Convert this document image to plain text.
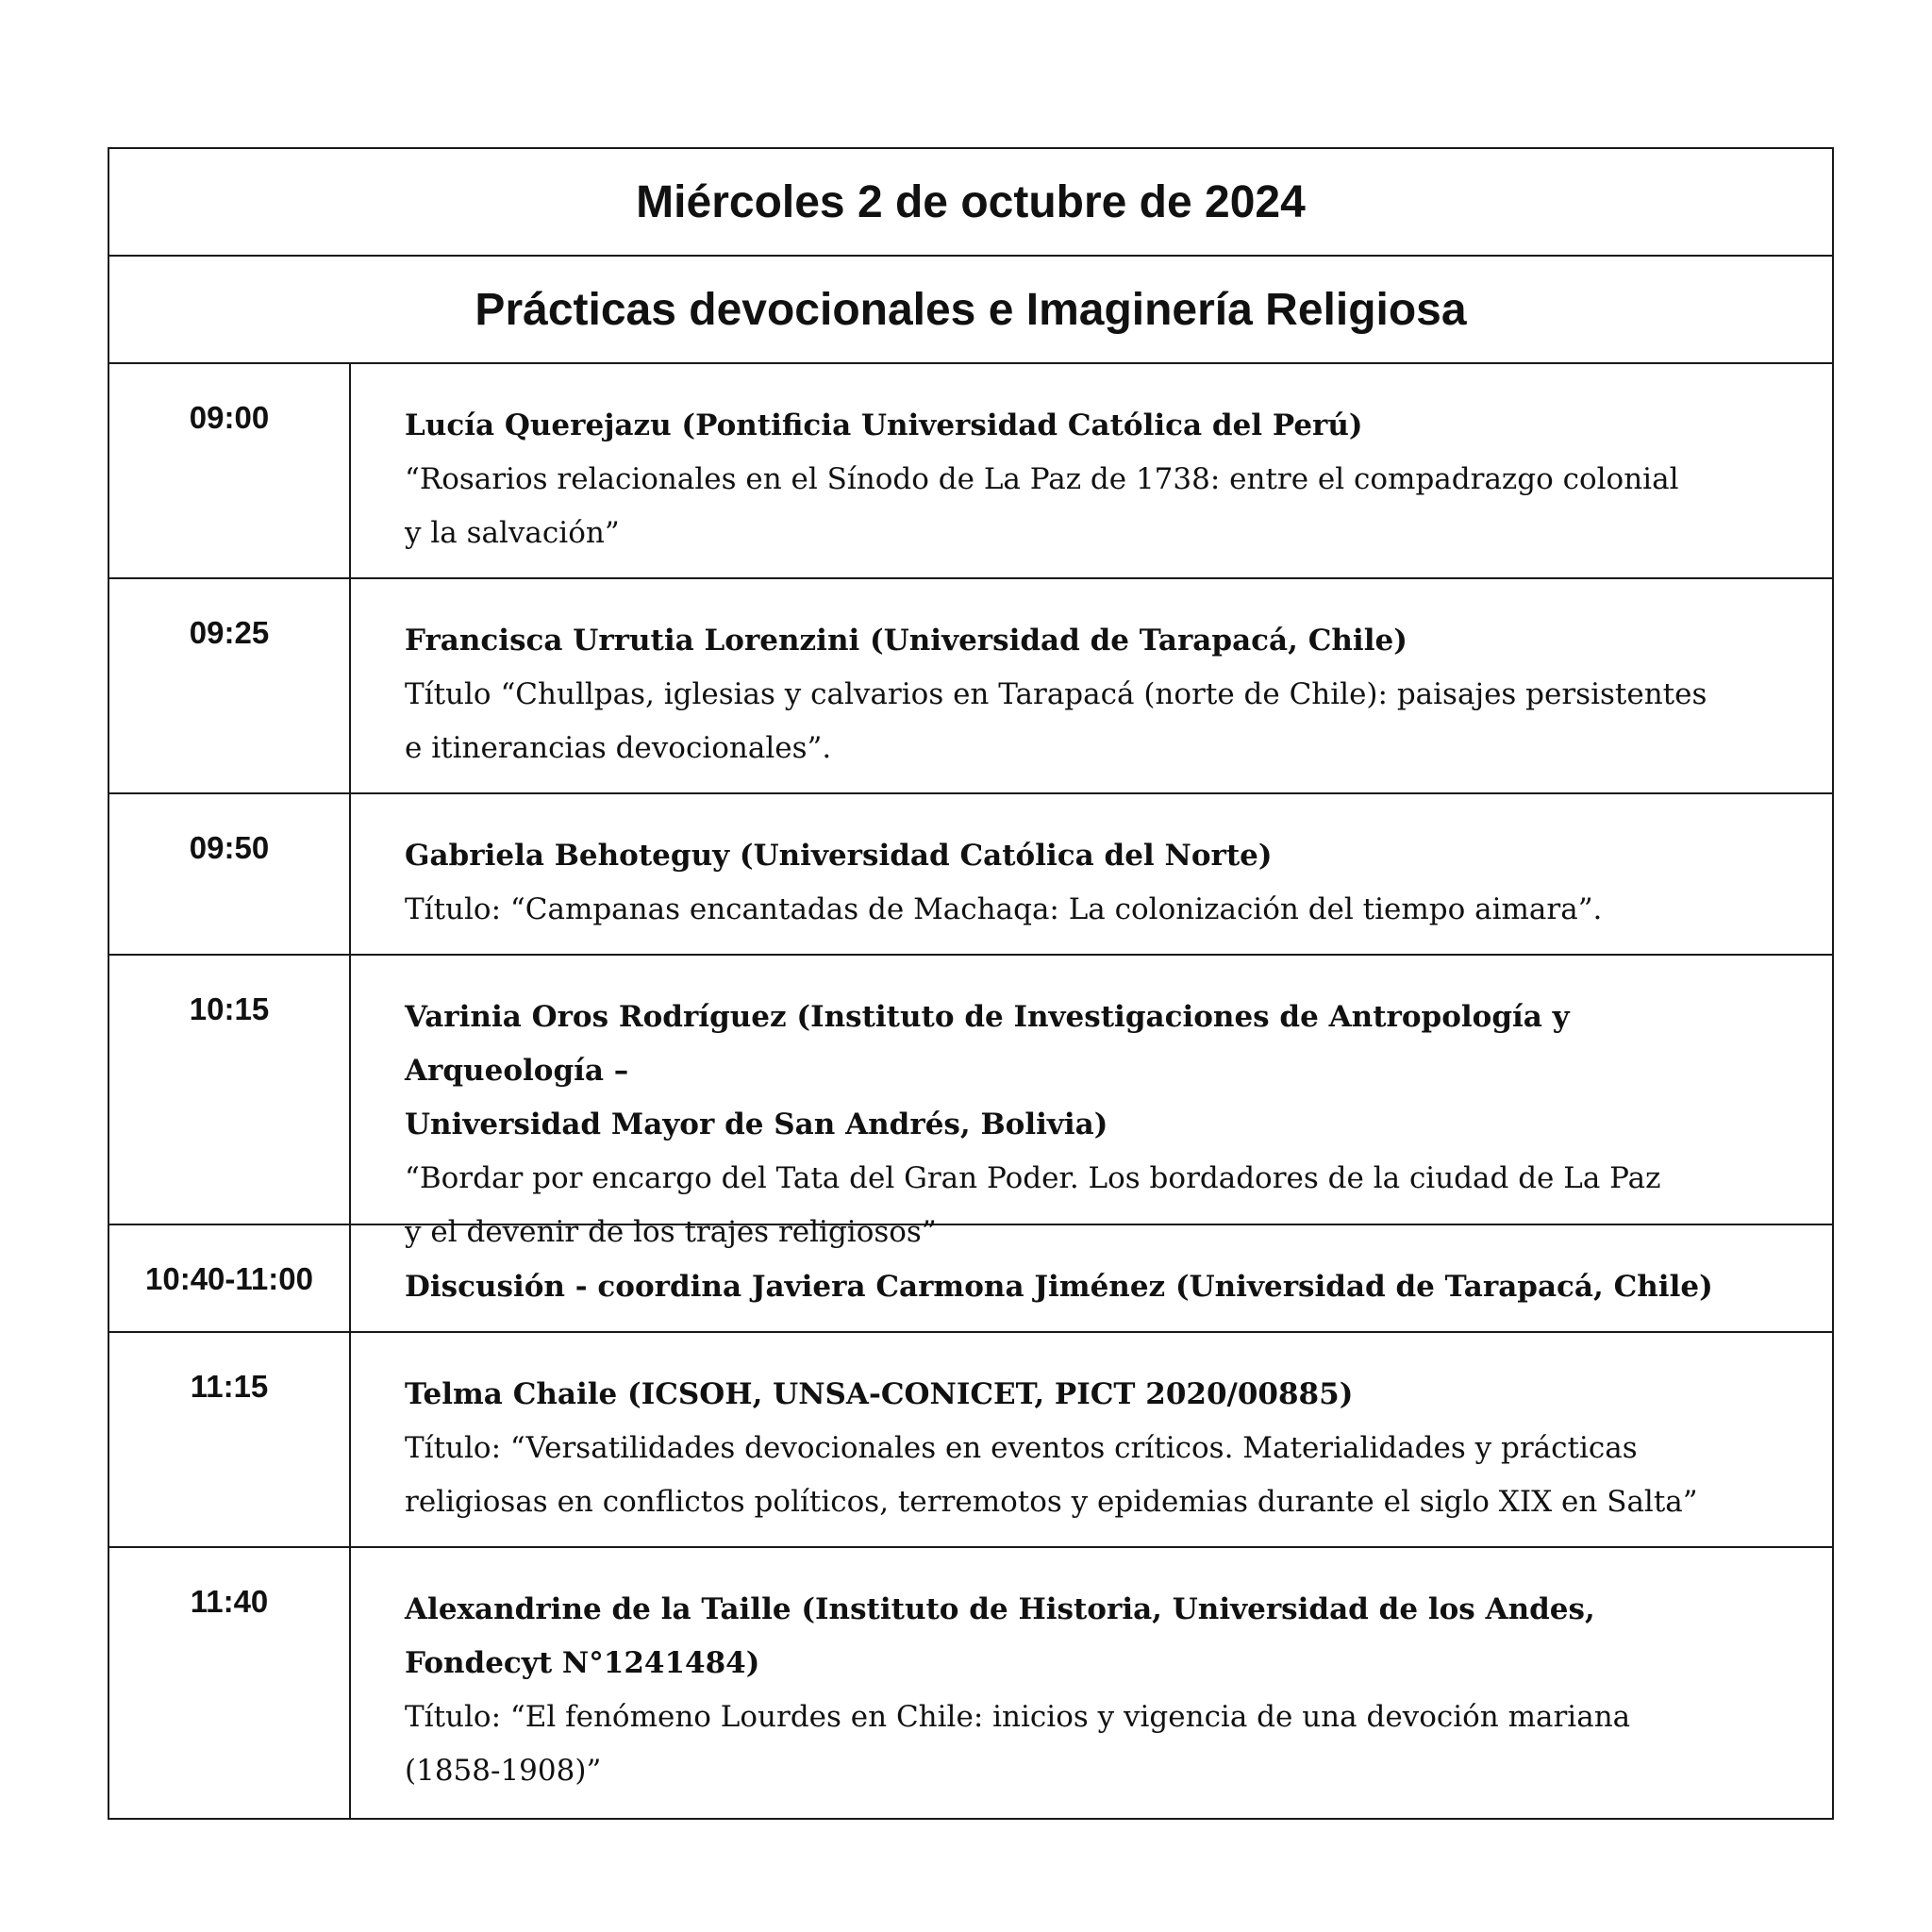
Miércoles 2 de octubre de 2024
Prácticas devocionales e Imaginería Religiosa
09:00	Lucía Querejazu (Pontificia Universidad Católica del Perú)
“Rosarios relacionales en el Sínodo de La Paz de 1738: entre el compadrazgo colonial
y la salvación”
09:25	Francisca Urrutia Lorenzini (Universidad de Tarapacá, Chile)
Título “Chullpas, iglesias y calvarios en Tarapacá (norte de Chile): paisajes persistentes
e itinerancias devocionales”.
09:50	Gabriela Behoteguy (Universidad Católica del Norte)
Título: “Campanas encantadas de Machaqa: La colonización del tiempo aimara”.
10:15	Varinia Oros Rodríguez (Instituto de Investigaciones de Antropología y Arqueología –
Universidad Mayor de San Andrés, Bolivia)
“Bordar por encargo del Tata del Gran Poder. Los bordadores de la ciudad de La Paz
y el devenir de los trajes religiosos”
10:40-11:00	Discusión - coordina Javiera Carmona Jiménez (Universidad de Tarapacá, Chile)
11:15	Telma Chaile (ICSOH, UNSA-CONICET, PICT 2020/00885)
Título: “Versatilidades devocionales en eventos críticos. Materialidades y prácticas
religiosas en conflictos políticos, terremotos y epidemias durante el siglo XIX en Salta”
11:40	Alexandrine de la Taille (Instituto de Historia, Universidad de los Andes,
Fondecyt N°1241484)
Título: “El fenómeno Lourdes en Chile: inicios y vigencia de una devoción mariana
(1858-1908)”
